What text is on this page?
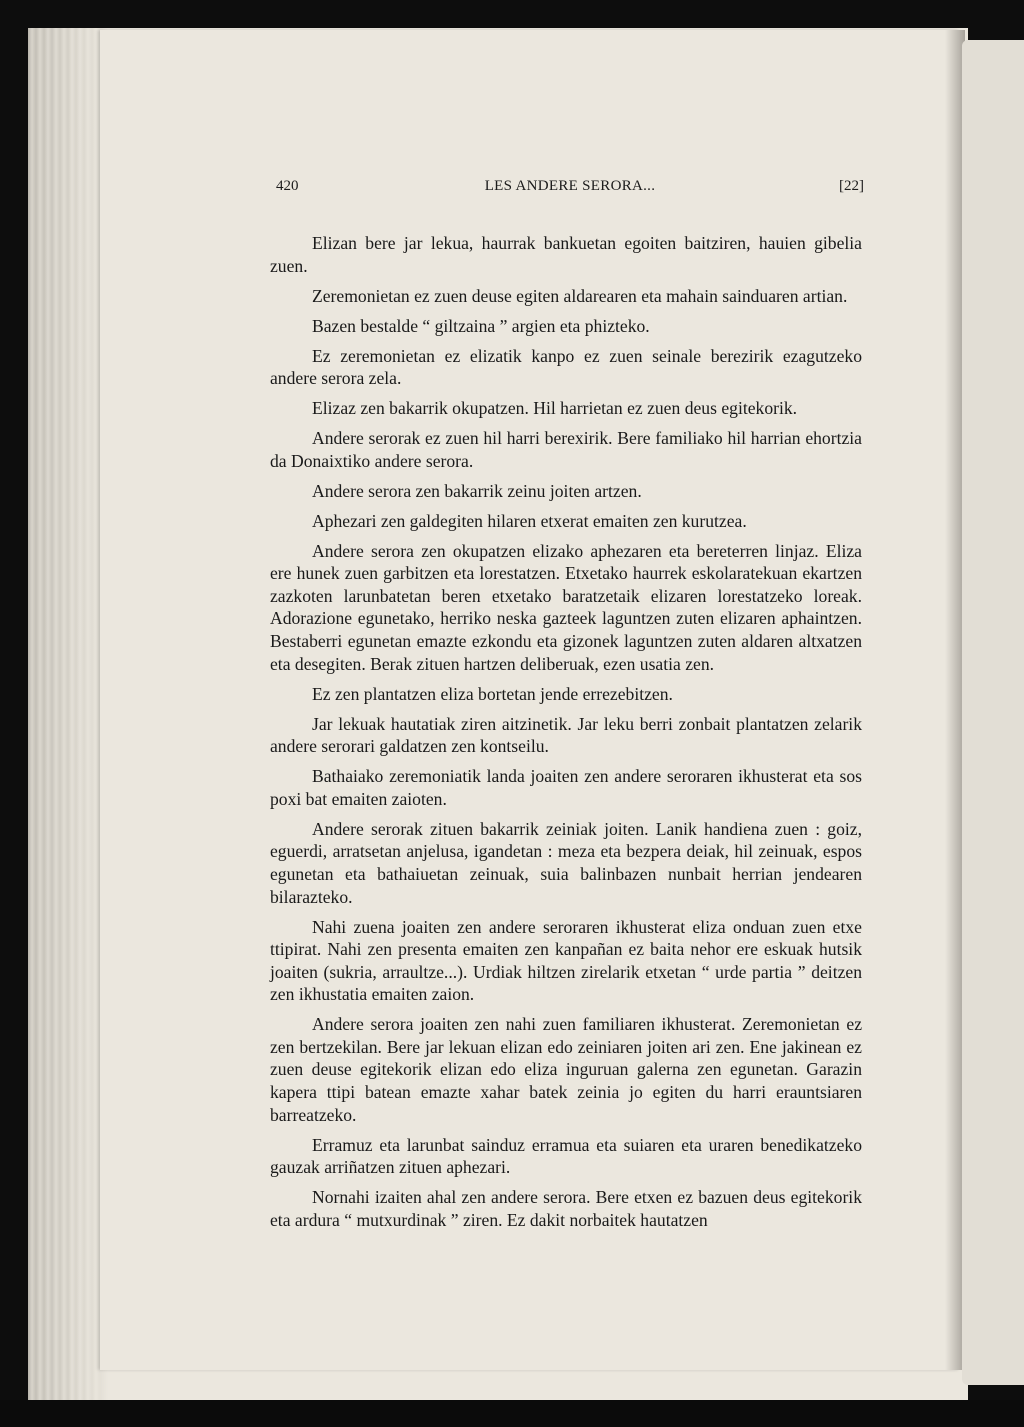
420	LES ANDERE SERORA...	[22]

Elizan bere jar lekua, haurrak bankuetan egoiten baitziren, hauien gibelia zuen.

Zeremonietan ez zuen deuse egiten aldarearen eta mahain sainduaren artian.

Bazen bestalde “ giltzaina ” argien eta phizteko.

Ez zeremonietan ez elizatik kanpo ez zuen seinale berezirik ezagutzeko andere serora zela.

Elizaz zen bakarrik okupatzen. Hil harrietan ez zuen deus egitekorik.

Andere serorak ez zuen hil harri berexirik. Bere familiako hil harrian ehortzia da Donaixtiko andere serora.

Andere serora zen bakarrik zeinu joiten artzen.

Aphezari zen galdegiten hilaren etxerat emaiten zen kurutzea.

Andere serora zen okupatzen elizako aphezaren eta bereterren linjaz. Eliza ere hunek zuen garbitzen eta lorestatzen. Etxetako haurrek eskolaratekuan ekartzen zazkoten larunbatetan beren etxetako baratzetaik elizaren lorestatzeko loreak. Adorazione egunetako, herriko neska gazteek laguntzen zuten elizaren aphaintzen. Bestaberri egunetan emazte ezkondu eta gizonek laguntzen zuten aldaren altxatzen eta desegiten. Berak zituen hartzen deliberuak, ezen usatia zen.

Ez zen plantatzen eliza bortetan jende errezebitzen.

Jar lekuak hautatiak ziren aitzinetik. Jar leku berri zonbait plantatzen zelarik andere serorari galdatzen zen kontseilu.

Bathaiako zeremoniatik landa joaiten zen andere seroraren ikhusterat eta sos poxi bat emaiten zaioten.

Andere serorak zituen bakarrik zeiniak joiten. Lanik handiena zuen : goiz, eguerdi, arratsetan anjelusa, igandetan : meza eta bezpera deiak, hil zeinuak, espos egunetan eta bathaiuetan zeinuak, suia balinbazen nunbait herrian jendearen bilarazteko.

Nahi zuena joaiten zen andere seroraren ikhusterat eliza onduan zuen etxe ttipirat. Nahi zen presenta emaiten zen kanpañan ez baita nehor ere eskuak hutsik joaiten (sukria, arraultze...). Urdiak hiltzen zirelarik etxetan “ urde partia ” deitzen zen ikhustatia emaiten zaion.

Andere serora joaiten zen nahi zuen familiaren ikhusterat. Zeremonietan ez zen bertzekilan. Bere jar lekuan elizan edo zeiniaren joiten ari zen. Ene jakinean ez zuen deuse egitekorik elizan edo eliza inguruan galerna zen egunetan. Garazin kapera ttipi batean emazte xahar batek zeinia jo egiten du harri erauntsiaren barreatzeko.

Erramuz eta larunbat sainduz erramua eta suiaren eta uraren benedikatzeko gauzak arriñatzen zituen aphezari.

Nornahi izaiten ahal zen andere serora. Bere etxen ez bazuen deus egitekorik eta ardura “ mutxurdinak ” ziren. Ez dakit norbaitek hautatzen
